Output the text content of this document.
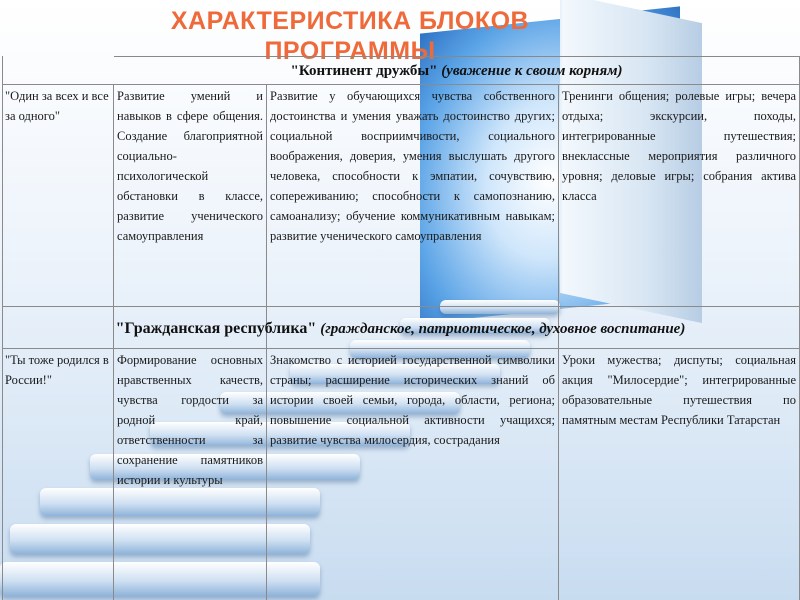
ХАРАКТЕРИСТИКА БЛОКОВ
ПРОГРАММЫ
"Континент дружбы" (уважение к своим корням)
"Один за всех и все за одного"
Развитие умений и навыков в сфере общения. Создание благоприятной социально-психологической обстановки в классе, развитие ученического самоуправления
Развитие у обучающихся чувства собственного достоинства и умения уважать достоинство других; социальной восприимчивости, социального воображения, доверия, умения выслушать другого человека, способности к эмпатии, сочувствию, сопереживанию; способности к самопознанию, самоанализу; обучение коммуникативным навыкам; развитие ученического самоуправления
Тренинги общения; ролевые игры; вечера отдыха; экскурсии, походы, интегрированные путешествия; внеклассные мероприятия различного уровня; деловые игры; собрания актива класса
"Гражданская республика" (гражданское, патриотическое, духовное воспитание)
"Ты тоже родился в России!"
Формирование основных нравственных качеств, чувства гордости за родной край, ответственности за сохранение памятников истории и культуры
Знакомство с историей государственной символики страны; расширение исторических знаний об истории своей семьи, города, области, региона; повышение социальной активности учащихся; развитие чувства милосердия, сострадания
Уроки мужества; диспуты; социальная акция "Милосердие"; интегрированные образовательные путешествия по памятным местам Республики Татарстан
